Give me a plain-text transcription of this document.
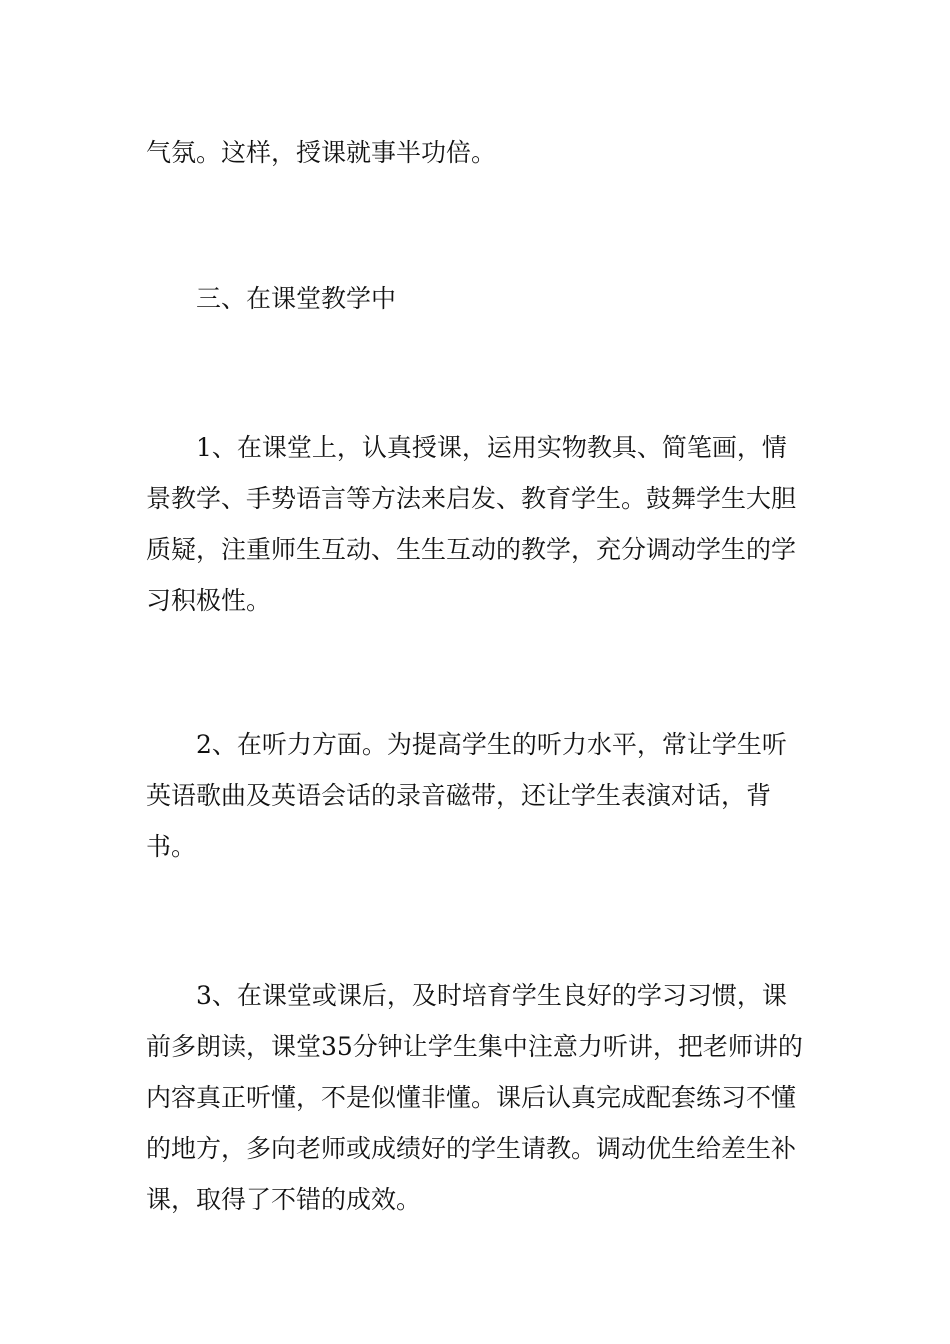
气氛。这样，授课就事半功倍。

三、在课堂教学中

1、在课堂上，认真授课，运用实物教具、简笔画，情景教学、手势语言等方法来启发、教育学生。鼓舞学生大胆质疑，注重师生互动、生生互动的教学，充分调动学生的学习积极性。

2、在听力方面。为提高学生的听力水平，常让学生听英语歌曲及英语会话的录音磁带，还让学生表演对话，背书。

3、在课堂或课后，及时培育学生良好的学习习惯，课前多朗读，课堂35分钟让学生集中注意力听讲，把老师讲的内容真正听懂，不是似懂非懂。课后认真完成配套练习不懂的地方，多向老师或成绩好的学生请教。调动优生给差生补课，取得了不错的成效。
